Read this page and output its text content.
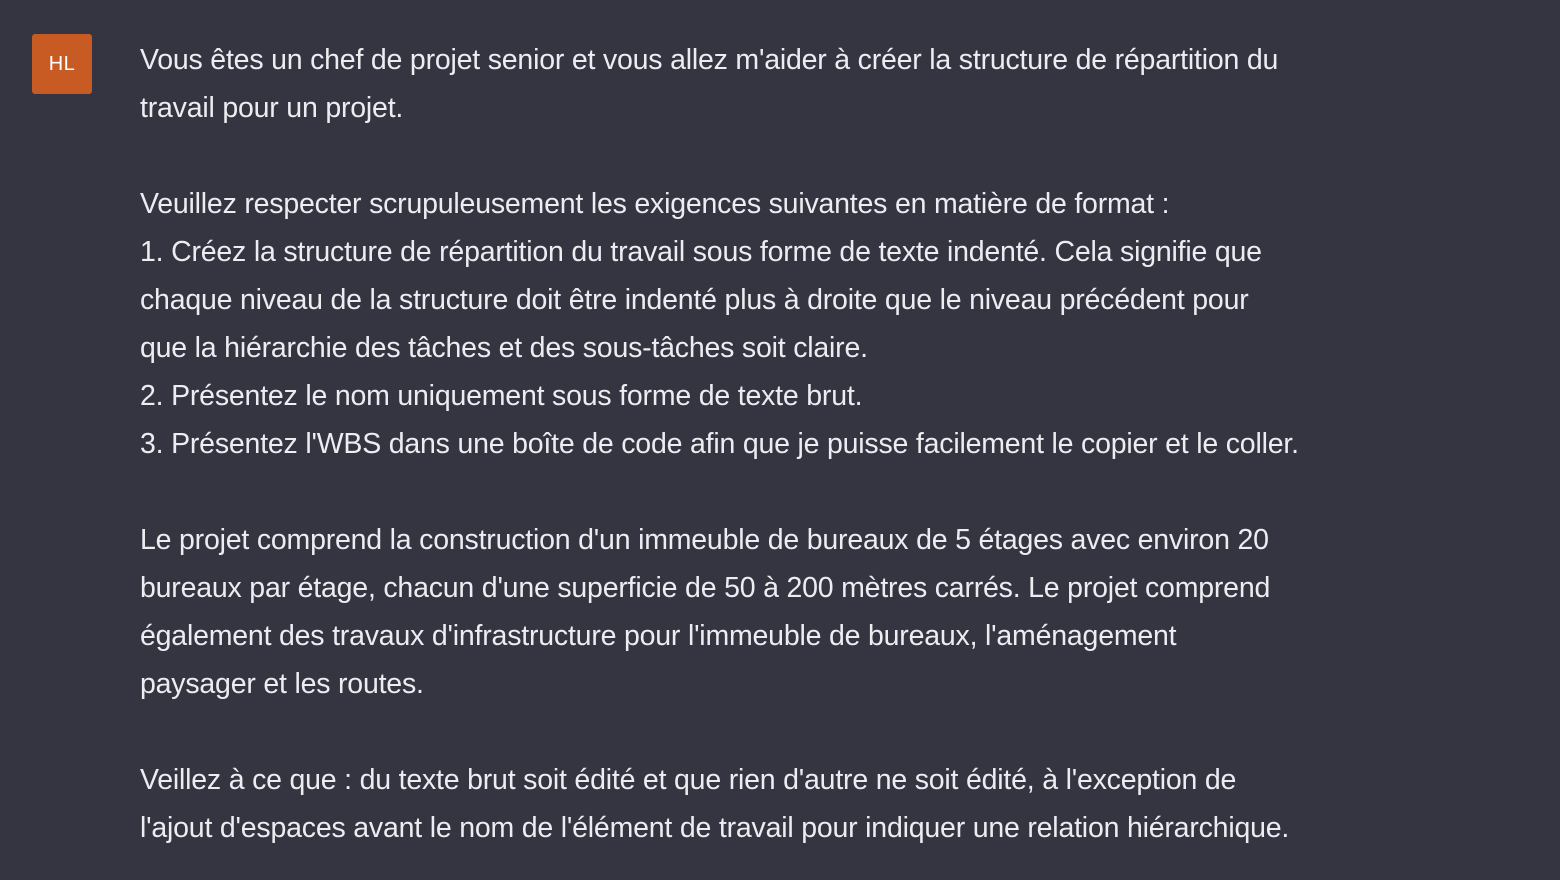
HL Vous êtes un chef de projet senior et vous allez m'aider à créer la structure de répartition du
travail pour un projet.

Veuillez respecter scrupuleusement les exigences suivantes en matière de format :
1. Créez la structure de répartition du travail sous forme de texte indenté. Cela signifie que
chaque niveau de la structure doit être indenté plus à droite que le niveau précédent pour
que la hiérarchie des tâches et des sous-tâches soit claire.
2. Présentez le nom uniquement sous forme de texte brut.
3. Présentez l'WBS dans une boîte de code afin que je puisse facilement le copier et le coller.

Le projet comprend la construction d'un immeuble de bureaux de 5 étages avec environ 20
bureaux par étage, chacun d'une superficie de 50 à 200 mètres carrés. Le projet comprend
également des travaux d'infrastructure pour l'immeuble de bureaux, l'aménagement
paysager et les routes.

Veillez à ce que : du texte brut soit édité et que rien d'autre ne soit édité, à l'exception de
l'ajout d'espaces avant le nom de l'élément de travail pour indiquer une relation hiérarchique.
